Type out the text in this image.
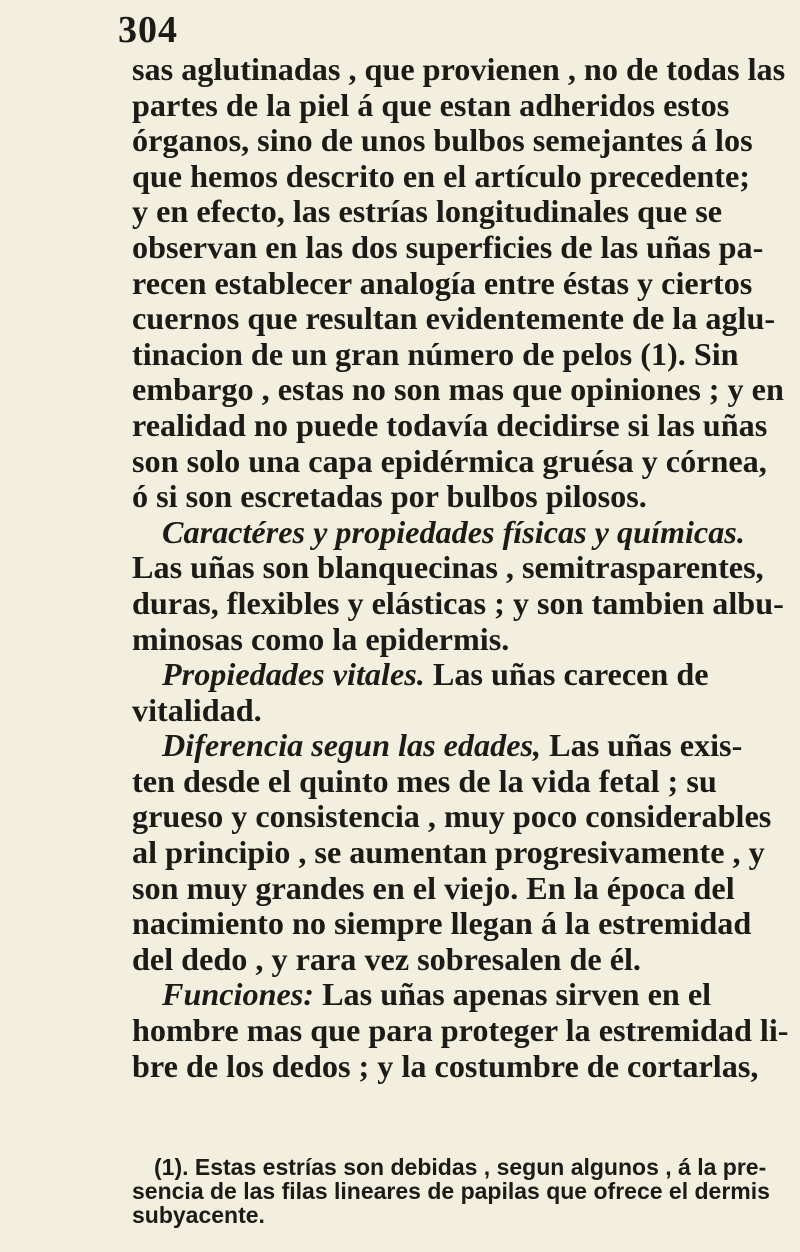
304
sas aglutinadas , que provienen , no de todas las
partes de la piel á que estan adheridos estos
órganos, sino de unos bulbos semejantes á los
que hemos descrito en el artículo precedente;
y en efecto, las estrías longitudinales que se
observan en las dos superficies de las uñas pa-
recen establecer analogía entre éstas y ciertos
cuernos que resultan evidentemente de la aglu-
tinacion de un gran número de pelos (1). Sin
embargo , estas no son mas que opiniones ; y en
realidad no puede todavía decidirse si las uñas
son solo una capa epidérmica gruésa y córnea,
ó si son escretadas por bulbos pilosos.
Caractéres y propiedades físicas y químicas.
Las uñas son blanquecinas , semitrasparentes,
duras, flexibles y elásticas ; y son tambien albu-
minosas como la epidermis.
Propiedades vitales. Las uñas carecen de
vitalidad.
Diferencia segun las edades, Las uñas exis-
ten desde el quinto mes de la vida fetal ; su
grueso y consistencia , muy poco considerables
al principio , se aumentan progresivamente , y
son muy grandes en el viejo. En la época del
nacimiento no siempre llegan á la estremidad
del dedo , y rara vez sobresalen de él.
Funciones: Las uñas apenas sirven en el
hombre mas que para proteger la estremidad li-
bre de los dedos ; y la costumbre de cortarlas,
(1). Estas estrías son debidas , segun algunos , á la pre-
sencia de las filas lineares de papilas que ofrece el dermis
subyacente.
